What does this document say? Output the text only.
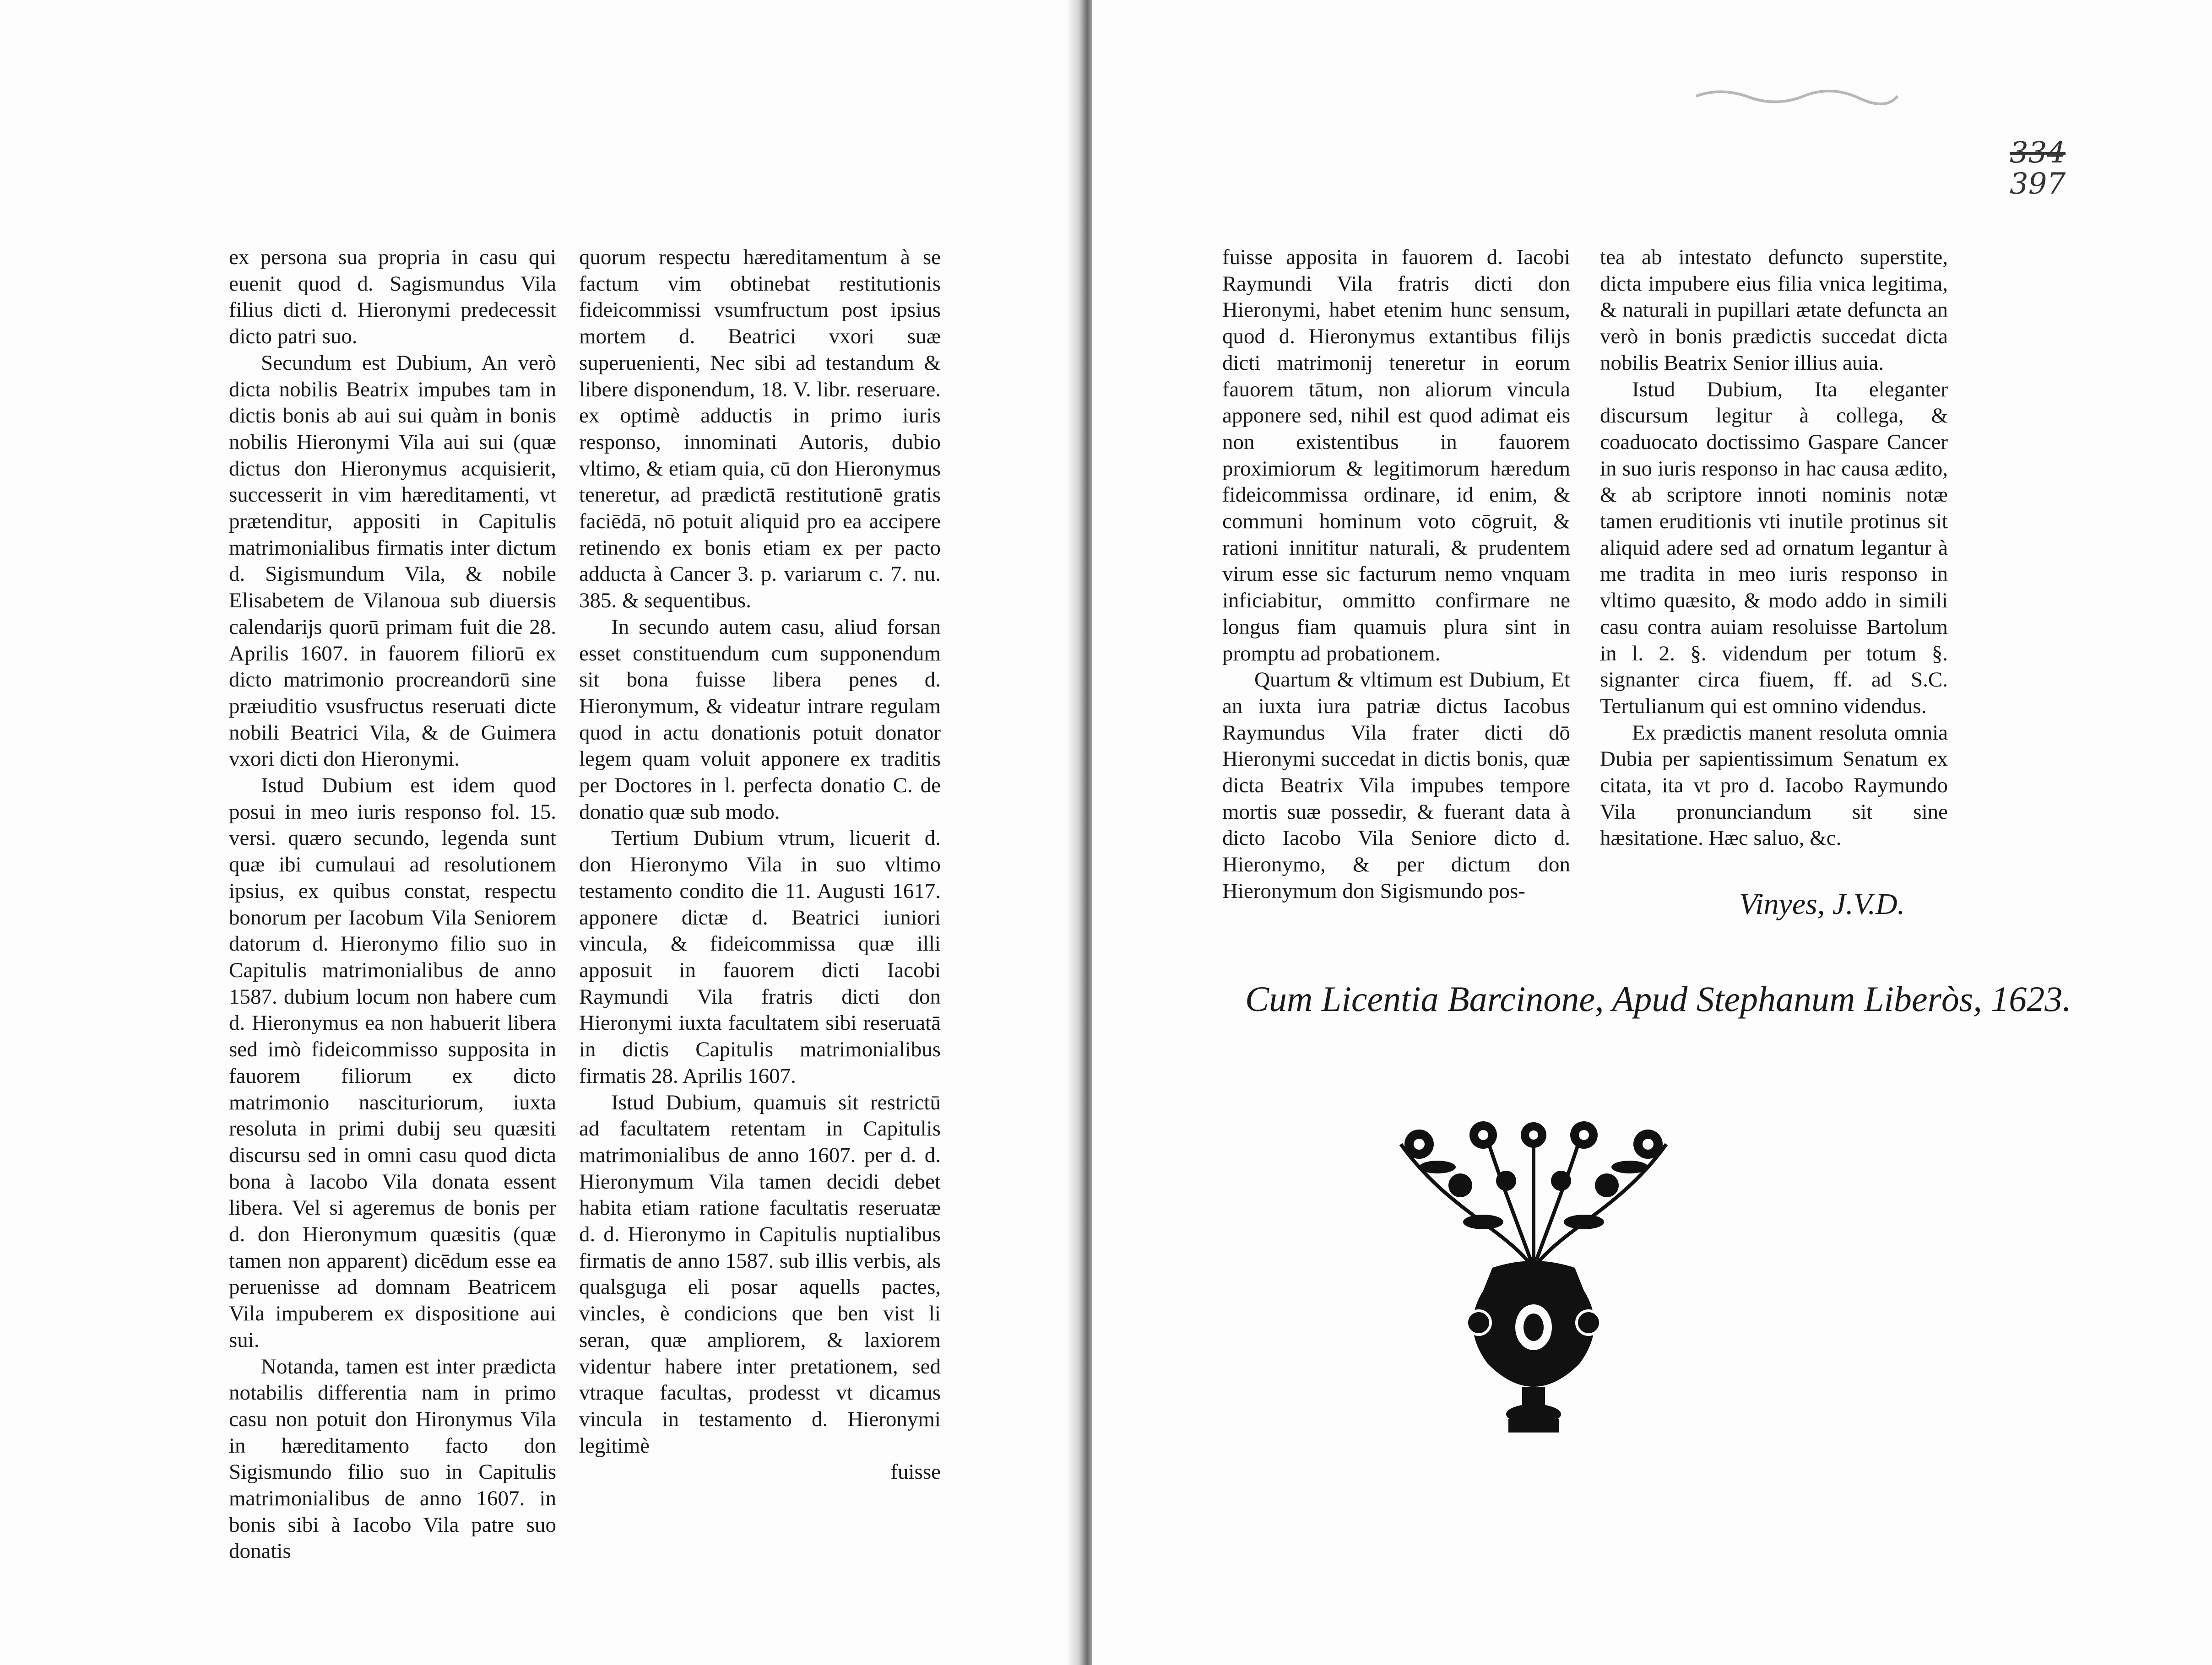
ex persona sua propria in casu qui euenit quod d. Sagismundus Vila filius dicti d. Hieronymi predecessit dicto patri suo.

Secundum est Dubium, An verò dicta nobilis Beatrix impubes tam in dictis bonis ab aui sui quàm in bonis nobilis Hieronymi Vila aui sui (quæ dictus don Hieronymus acquisierit, successerit in vim hæreditamenti, vt prætenditur, appositi in Capitulis matrimonialibus firmatis inter dictum d. Sigismundum Vila, & nobile Elisabetem de Vilanoua sub diuersis calendarijs quorū primam fuit die 28. Aprilis 1607. in fauorem filiorū ex dicto matrimonio procreandorū sine præiuditio vsusfructus reseruati dicte nobili Beatrici Vila, & de Guimera vxori dicti don Hieronymi.

Istud Dubium est idem quod posui in meo iuris responso fol. 15. versi. quæro secundo, legenda sunt quæ ibi cumulaui ad resolutionem ipsius, ex quibus constat, respectu bonorum per Iacobum Vila Seniorem datorum d. Hieronymo filio suo in Capitulis matrimonialibus de anno 1587. dubium locum non habere cum d. Hieronymus ea non habuerit libera sed imò fideicommisso supposita in fauorem filiorum ex dicto matrimonio nascituriorum, iuxta resoluta in primi dubij seu quæsiti discursu sed in omni casu quod dicta bona à Iacobo Vila donata essent libera. Vel si ageremus de bonis per d. don Hieronymum quæsitis (quæ tamen non apparent) dicēdum esse ea peruenisse ad domnam Beatricem Vila impuberem ex dispositione aui sui.

Notanda, tamen est inter prædicta notabilis differentia nam in primo casu non potuit don Hironymus Vila in hæreditamento facto don Sigismundo filio suo in Capitulis matrimonialibus de anno 1607. in bonis sibi à Iacobo Vila patre suo donatis

quorum respectu hæreditamentum à se factum vim obtinebat restitutionis fideicommissi vsumfructum post ipsius mortem d. Beatrici vxori suæ superuenienti, Nec sibi ad testandum & libere disponendum, 18. V. libr. reseruare. ex optimè adductis in primo iuris responso, innominati Autoris, dubio vltimo, & etiam quia, cū don Hieronymus teneretur, ad prædictā restitutionē gratis faciēdā, nō potuit aliquid pro ea accipere retinendo ex bonis etiam ex per pacto adducta à Cancer 3. p. variarum c. 7. nu. 385. & sequentibus.

In secundo autem casu, aliud forsan esset constituendum cum supponendum sit bona fuisse libera penes d. Hieronymum, & videatur intrare regulam quod in actu donationis potuit donator legem quam voluit apponere ex traditis per Doctores in l. perfecta donatio C. de donatio quæ sub modo.

Tertium Dubium vtrum, licuerit d. don Hieronymo Vila in suo vltimo testamento condito die 11. Augusti 1617. apponere dictæ d. Beatrici iuniori vincula, & fideicommissa quæ illi apposuit in fauorem dicti Iacobi Raymundi Vila fratris dicti don Hieronymi iuxta facultatem sibi reseruatā in dictis Capitulis matrimonialibus firmatis 28. Aprilis 1607.

Istud Dubium, quamuis sit restrictū ad facultatem retentam in Capitulis matrimonialibus de anno 1607. per d. d. Hieronymum Vila tamen decidi debet habita etiam ratione facultatis reseruatæ d. d. Hieronymo in Capitulis nuptialibus firmatis de anno 1587. sub illis verbis, als qualsguga eli posar aquells pactes, vincles, è condicions que ben vist li seran, quæ ampliorem, & laxiorem videntur habere inter pretationem, sed vtraque facultas, prodesst vt dicamus vincula in testamento d. Hieronymi legitimè

fuisse

334
397

fuisse apposita in fauorem d. Iacobi Raymundi Vila fratris dicti don Hieronymi, habet etenim hunc sensum, quod d. Hieronymus extantibus filijs dicti matrimonij teneretur in eorum fauorem tātum, non aliorum vincula apponere sed, nihil est quod adimat eis non existentibus in fauorem proximiorum & legitimorum hæredum fideicommissa ordinare, id enim, & communi hominum voto cōgruit, & rationi innititur naturali, & prudentem virum esse sic facturum nemo vnquam inficiabitur, ommitto confirmare ne longus fiam quamuis plura sint in promptu ad probationem.

Quartum & vltimum est Dubium, Et an iuxta iura patriæ dictus Iacobus Raymundus Vila frater dicti dō Hieronymi succedat in dictis bonis, quæ dicta Beatrix Vila impubes tempore mortis suæ possedir, & fuerant data à dicto Iacobo Vila Seniore dicto d. Hieronymo, & per dictum don Hieronymum don Sigismundo pos-

tea ab intestato defuncto superstite, dicta impubere eius filia vnica legitima, & naturali in pupillari ætate defuncta an verò in bonis prædictis succedat dicta nobilis Beatrix Senior illius auia.

Istud Dubium, Ita eleganter discursum legitur à collega, & coaduocato doctissimo Gaspare Cancer in suo iuris responso in hac causa ædito, & ab scriptore innoti nominis notæ tamen eruditionis vti inutile protinus sit aliquid adere sed ad ornatum legantur à me tradita in meo iuris responso in vltimo quæsito, & modo addo in simili casu contra auiam resoluisse Bartolum in l. 2. §. videndum per totum §. signanter circa fiuem, ff. ad S.C. Tertulianum qui est omnino videndus.

Ex prædictis manent resoluta omnia Dubia per sapientissimum Senatum ex citata, ita vt pro d. Iacobo Raymundo Vila pronunciandum sit sine hæsitatione. Hæc saluo, &c.

Vinyes, J.V.D.
Cum Licentia Barcinone, Apud Stephanum Liberòs, 1623.
